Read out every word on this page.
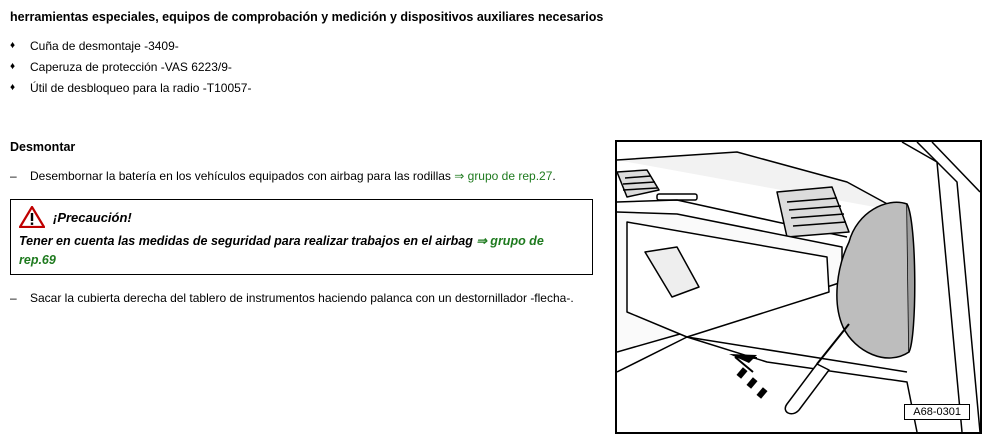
herramientas especiales, equipos de comprobación y medición y dispositivos auxiliares necesarios
♦	Cuña de desmontaje -3409-
♦	Caperuza de protección -VAS 6223/9-
♦	Útil de desbloqueo para la radio -T10057-
Desmontar
–	Desembornar la batería en los vehículos equipados con airbag para las rodillas ⇒ grupo de rep.27.
¡Precaución!
Tener en cuenta las medidas de seguridad para realizar trabajos en el airbag ⇒ grupo de rep.69
–	Sacar la cubierta derecha del tablero de instrumentos haciendo palanca con un destornillador -flecha-.
A68-0301
